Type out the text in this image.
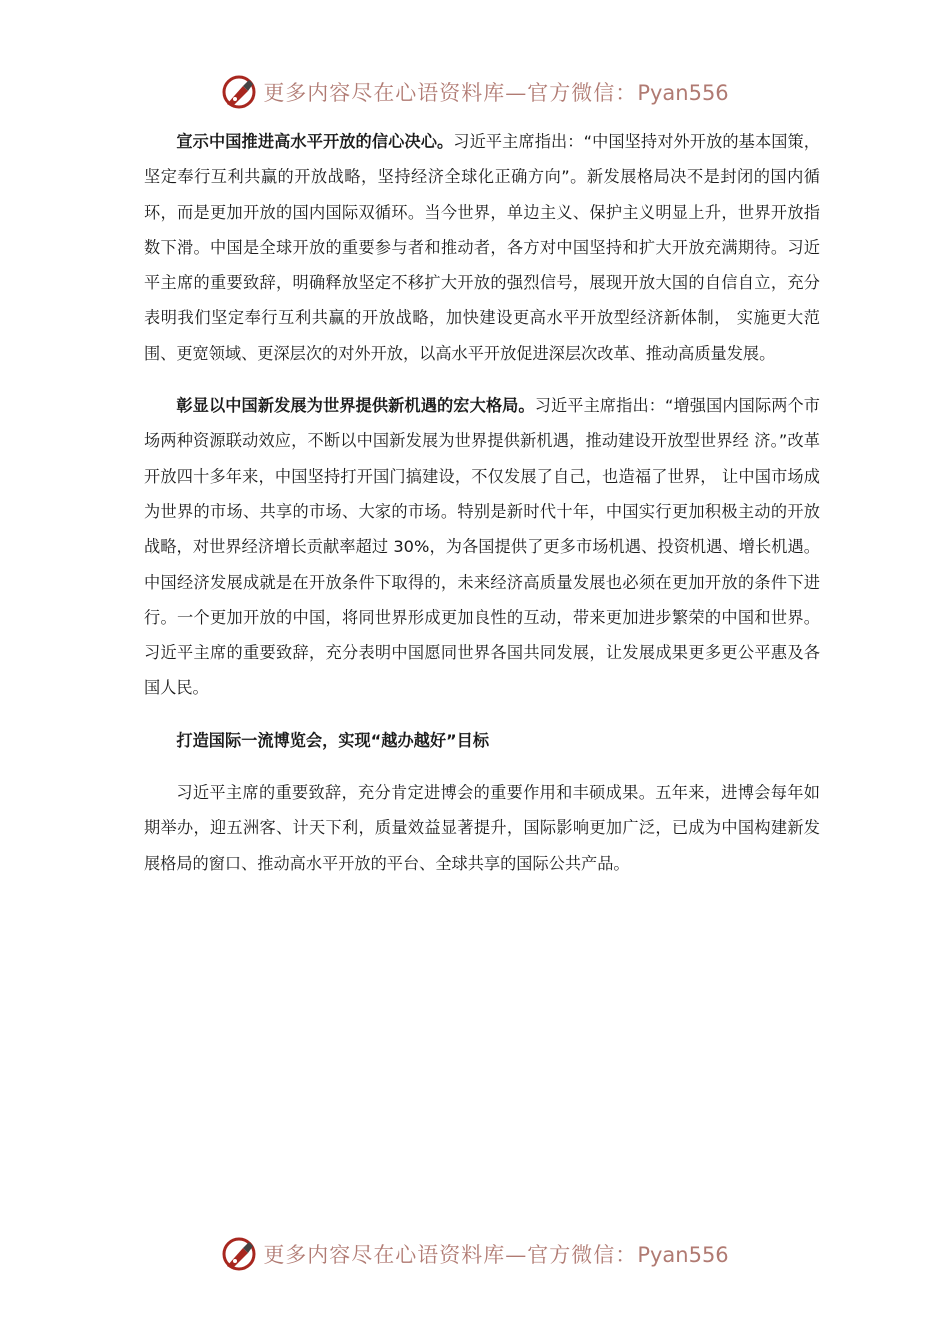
更多内容尽在心语资料库—官方微信：Pyan556

宣示中国推进高水平开放的信心决心。习近平主席指出：“中国坚持对外开放的基本国策，坚定奉行互利共赢的开放战略，坚持经济全球化正确方向”。新发展格局决不是封闭的国内循环，而是更加开放的国内国际双循环。当今世界，单边主义、保护主义明显上升，世界开放指数下滑。中国是全球开放的重要参与者和推动者，各方对中国坚持和扩大开放充满期待。习近平主席的重要致辞，明确释放坚定不移扩大开放的强烈信号，展现开放大国的自信自立，充分表明我们坚定奉行互利共赢的开放战略，加快建设更高水平开放型经济新体制， 实施更大范围、更宽领域、更深层次的对外开放，以高水平开放促进深层次改革、推动高质量发展。

彰显以中国新发展为世界提供新机遇的宏大格局。习近平主席指出：“增强国内国际两个市场两种资源联动效应，不断以中国新发展为世界提供新机遇，推动建设开放型世界经 济。”改革开放四十多年来，中国坚持打开国门搞建设，不仅发展了自己，也造福了世界， 让中国市场成为世界的市场、共享的市场、大家的市场。特别是新时代十年，中国实行更加积极主动的开放战略，对世界经济增长贡献率超过 30%，为各国提供了更多市场机遇、投资机遇、增长机遇。中国经济发展成就是在开放条件下取得的，未来经济高质量发展也必须在更加开放的条件下进行。一个更加开放的中国，将同世界形成更加良性的互动，带来更加进步繁荣的中国和世界。习近平主席的重要致辞，充分表明中国愿同世界各国共同发展，让发展成果更多更公平惠及各国人民。

打造国际一流博览会，实现“越办越好”目标

习近平主席的重要致辞，充分肯定进博会的重要作用和丰硕成果。五年来，进博会每年如期举办，迎五洲客、计天下利，质量效益显著提升，国际影响更加广泛，已成为中国构建新发展格局的窗口、推动高水平开放的平台、全球共享的国际公共产品。

更多内容尽在心语资料库—官方微信：Pyan556
